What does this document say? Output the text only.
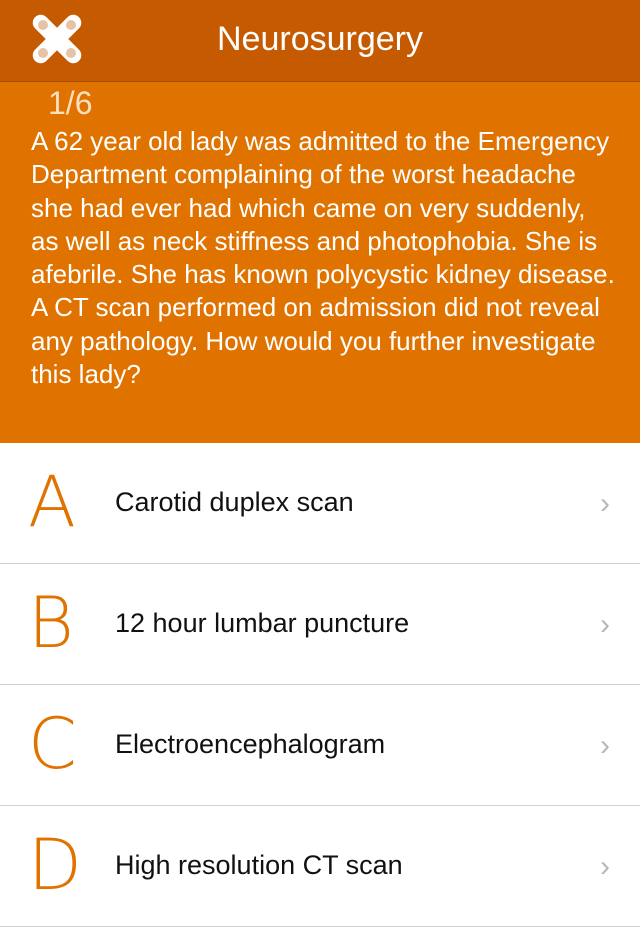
1/6
A 62 year old lady was admitted to the Emergency Department complaining of the worst headache she had ever had which came on very suddenly, as well as neck stiffness and photophobia. She is afebrile. She has known polycystic kidney disease. A CT scan performed on admission did not reveal any pathology. How would you further investigate this lady?
Neurosurgery
A Carotid duplex scan	›
B 12 hour lumbar puncture	›
C Electroencephalogram	›
D High resolution CT scan	›
